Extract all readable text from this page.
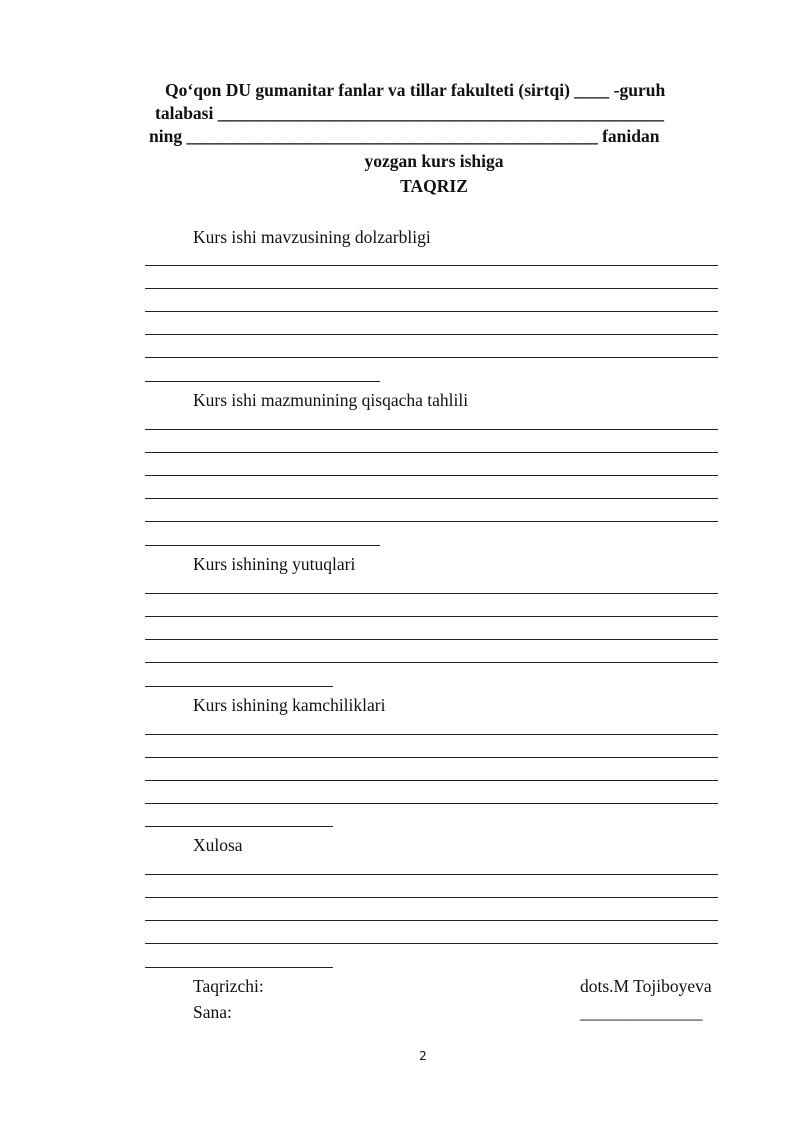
Qo‘qon DU gumanitar fanlar va tillar fakulteti (sirtqi) ____ -guruh
talabasi ___________________________________________________
ning _______________________________________________ fanidan
yozgan kurs ishiga
TAQRIZ
Kurs ishi mavzusining dolzarbligi
Kurs ishi mazmunining qisqacha tahlili
Kurs ishining yutuqlari
Kurs ishining kamchiliklari
Xulosa
Taqrizchi:	dots.M Tojiboyeva
Sana:	______________
2
